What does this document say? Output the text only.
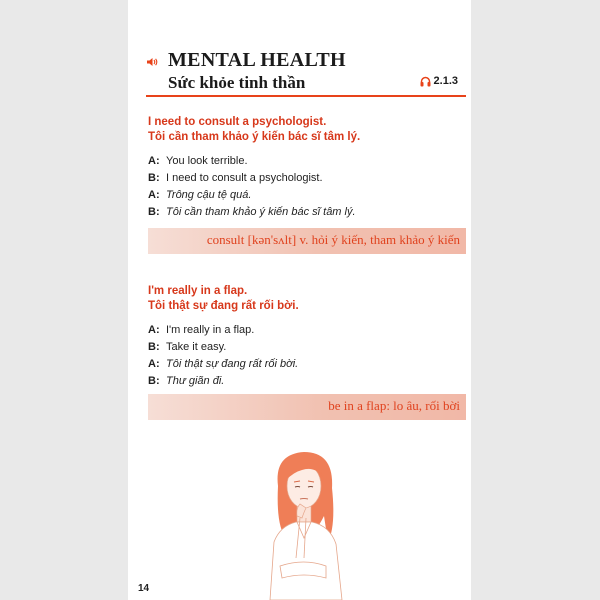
MENTAL HEALTH
Sức khỏe tinh thần	2.1.3
I need to consult a psychologist.
Tôi cần tham khảo ý kiến bác sĩ tâm lý.
A: You look terrible.
B: I need to consult a psychologist.
A: Trông cậu tệ quá.
B: Tôi cần tham khảo ý kiến bác sĩ tâm lý.
consult [kən'sʌlt] v. hỏi ý kiến, tham khảo ý kiến
I'm really in a flap.
Tôi thật sự đang rất rối bời.
A: I'm really in a flap.
B: Take it easy.
A: Tôi thật sự đang rất rối bời.
B: Thư giãn đi.
be in a flap: lo âu, rối bời
14
